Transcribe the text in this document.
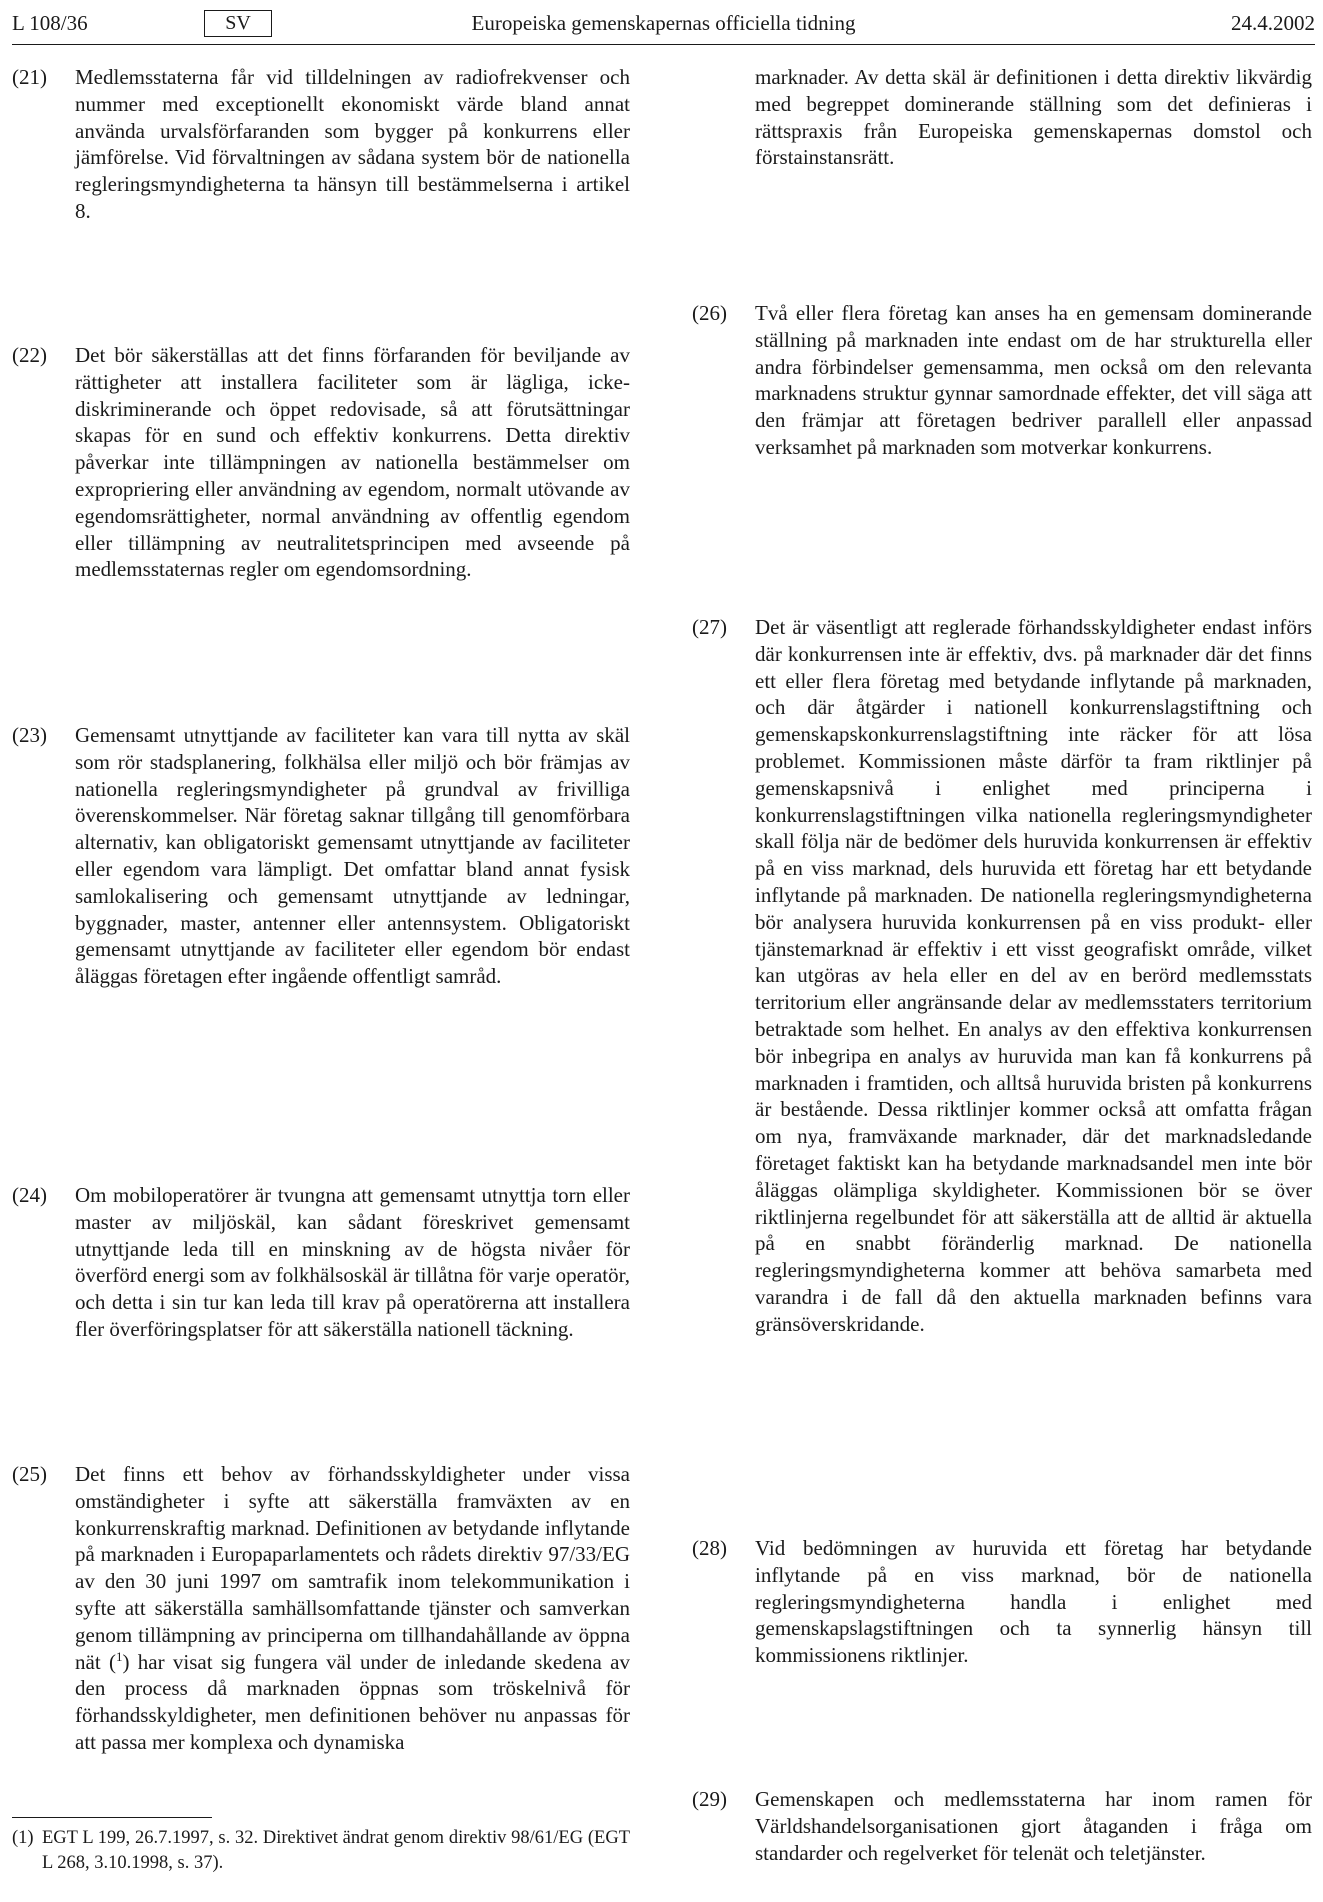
L 108/36	SV	Europeiska gemenskapernas officiella tidning	24.4.2002
(21)	Medlemsstaterna får vid tilldelningen av radiofrekvenser och nummer med exceptionellt ekonomiskt värde bland annat använda urvalsförfaranden som bygger på konkurrens eller jämförelse. Vid förvaltningen av sådana system bör de nationella regleringsmyndigheterna ta hänsyn till bestämmelserna i artikel 8.
(22)	Det bör säkerställas att det finns förfaranden för beviljande av rättigheter att installera faciliteter som är lägliga, icke-diskriminerande och öppet redovisade, så att förutsättningar skapas för en sund och effektiv konkurrens. Detta direktiv påverkar inte tillämpningen av nationella bestämmelser om expropriering eller användning av egendom, normalt utövande av egendomsrättigheter, normal användning av offentlig egendom eller tillämpning av neutralitetsprincipen med avseende på medlemsstaternas regler om egendomsordning.
(23)	Gemensamt utnyttjande av faciliteter kan vara till nytta av skäl som rör stadsplanering, folkhälsa eller miljö och bör främjas av nationella regleringsmyndigheter på grundval av frivilliga överenskommelser. När företag saknar tillgång till genomförbara alternativ, kan obligatoriskt gemensamt utnyttjande av faciliteter eller egendom vara lämpligt. Det omfattar bland annat fysisk samlokalisering och gemensamt utnyttjande av ledningar, byggnader, master, antenner eller antennsystem. Obligatoriskt gemensamt utnyttjande av faciliteter eller egendom bör endast åläggas företagen efter ingående offentligt samråd.
(24)	Om mobiloperatörer är tvungna att gemensamt utnyttja torn eller master av miljöskäl, kan sådant föreskrivet gemensamt utnyttjande leda till en minskning av de högsta nivåer för överförd energi som av folkhälsoskäl är tillåtna för varje operatör, och detta i sin tur kan leda till krav på operatörerna att installera fler överföringsplatser för att säkerställa nationell täckning.
(25)	Det finns ett behov av förhandsskyldigheter under vissa omständigheter i syfte att säkerställa framväxten av en konkurrenskraftig marknad. Definitionen av betydande inflytande på marknaden i Europaparlamentets och rådets direktiv 97/33/EG av den 30 juni 1997 om samtrafik inom telekommunikation i syfte att säkerställa samhällsomfattande tjänster och samverkan genom tillämpning av principerna om tillhandahållande av öppna nät ($^1$) har visat sig fungera väl under de inledande skedena av den process då marknaden öppnas som tröskelnivå för förhandsskyldigheter, men definitionen behöver nu anpassas för att passa mer komplexa och dynamiska
marknader. Av detta skäl är definitionen i detta direktiv likvärdig med begreppet dominerande ställning som det definieras i rättspraxis från Europeiska gemenskapernas domstol och förstainstansrätt.
(26)	Två eller flera företag kan anses ha en gemensam dominerande ställning på marknaden inte endast om de har strukturella eller andra förbindelser gemensamma, men också om den relevanta marknadens struktur gynnar samordnade effekter, det vill säga att den främjar att företagen bedriver parallell eller anpassad verksamhet på marknaden som motverkar konkurrens.
(27)	Det är väsentligt att reglerade förhandsskyldigheter endast införs där konkurrensen inte är effektiv, dvs. på marknader där det finns ett eller flera företag med betydande inflytande på marknaden, och där åtgärder i nationell konkurrenslagstiftning och gemenskapskonkurrenslagstiftning inte räcker för att lösa problemet. Kommissionen måste därför ta fram riktlinjer på gemenskapsnivå i enlighet med principerna i konkurrenslagstiftningen vilka nationella regleringsmyndigheter skall följa när de bedömer dels huruvida konkurrensen är effektiv på en viss marknad, dels huruvida ett företag har ett betydande inflytande på marknaden. De nationella regleringsmyndigheterna bör analysera huruvida konkurrensen på en viss produkt- eller tjänstemarknad är effektiv i ett visst geografiskt område, vilket kan utgöras av hela eller en del av en berörd medlemsstats territorium eller angränsande delar av medlemsstaters territorium betraktade som helhet. En analys av den effektiva konkurrensen bör inbegripa en analys av huruvida man kan få konkurrens på marknaden i framtiden, och alltså huruvida bristen på konkurrens är bestående. Dessa riktlinjer kommer också att omfatta frågan om nya, framväxande marknader, där det marknadsledande företaget faktiskt kan ha betydande marknadsandel men inte bör åläggas olämpliga skyldigheter. Kommissionen bör se över riktlinjerna regelbundet för att säkerställa att de alltid är aktuella på en snabbt föränderlig marknad. De nationella regleringsmyndigheterna kommer att behöva samarbeta med varandra i de fall då den aktuella marknaden befinns vara gränsöverskridande.
(28)	Vid bedömningen av huruvida ett företag har betydande inflytande på en viss marknad, bör de nationella regleringsmyndigheterna handla i enlighet med gemenskapslagstiftningen och ta synnerlig hänsyn till kommissionens riktlinjer.
(29)	Gemenskapen och medlemsstaterna har inom ramen för Världshandelsorganisationen gjort åtaganden i fråga om standarder och regelverket för telenät och teletjänster.
(1) EGT L 199, 26.7.1997, s. 32. Direktivet ändrat genom direktiv 98/61/EG (EGT L 268, 3.10.1998, s. 37).
